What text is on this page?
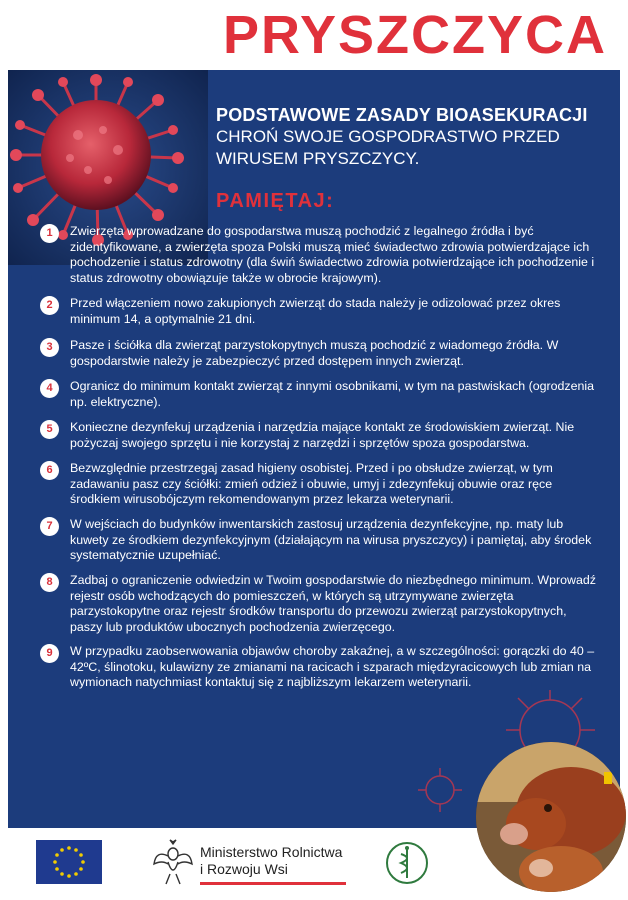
PRYSZCZYCA
PODSTAWOWE ZASADY BIOASEKURACJI
CHROŃ SWOJE GOSPODRASTWO PRZED WIRUSEM PRYSZCZYCY.
PAMIĘTAJ:
1	Zwierzęta wprowadzane do gospodarstwa muszą pochodzić z legalnego źródła i być zidentyfikowane, a zwierzęta spoza Polski muszą mieć świadectwo zdrowia potwierdzające ich pochodzenie i status zdrowotny (dla świń świadectwo zdrowia potwierdzające ich pochodzenie i status zdrowotny obowiązuje także w obrocie krajowym).
2	Przed włączeniem nowo zakupionych zwierząt do stada należy je odizolować przez okres minimum 14, a optymalnie 21 dni.
3	Pasze i ściółka dla zwierząt parzystokopytnych muszą pochodzić z wiadomego źródła. W gospodarstwie należy je zabezpieczyć przed dostępem innych zwierząt.
4	Ogranicz do minimum kontakt zwierząt z innymi osobnikami, w tym na pastwiskach (ogrodzenia np. elektryczne).
5	Konieczne dezynfekuj urządzenia i narzędzia mające kontakt ze środowiskiem zwierząt. Nie pożyczaj swojego sprzętu i nie korzystaj z narzędzi i sprzętów spoza gospodarstwa.
6	Bezwzględnie przestrzegaj zasad higieny osobistej. Przed i po obsłudze zwierząt, w tym zadawaniu pasz czy ściółki: zmień odzież i obuwie, umyj i zdezynfekuj obuwie oraz ręce środkiem wirusobójczym rekomendowanym przez lekarza weterynarii.
7	W wejściach do budynków inwentarskich zastosuj urządzenia dezynfekcyjne, np. maty lub kuwety ze środkiem dezynfekcyjnym (działającym na wirusa pryszczycy) i pamiętaj, aby środek systematycznie uzupełniać.
8	Zadbaj o ograniczenie odwiedzin w Twoim gospodarstwie do niezbędnego minimum. Wprowadź rejestr osób wchodzących do pomieszczeń, w których są utrzymywane zwierzęta parzystokopytne oraz rejestr środków transportu do przewozu zwierząt parzystokopytnych, paszy lub produktów ubocznych pochodzenia zwierzęcego.
9	W przypadku zaobserwowania objawów choroby zakaźnej, a w szczególności: gorączki do 40 – 42ºC, ślinotoku, kulawizny ze zmianami na racicach i szparach międzyracicowych lub zmian na wymionach natychmiast kontaktuj się z najbliższym lekarzem weterynarii.
Ministerstwo Rolnictwa
i Rozwoju Wsi
